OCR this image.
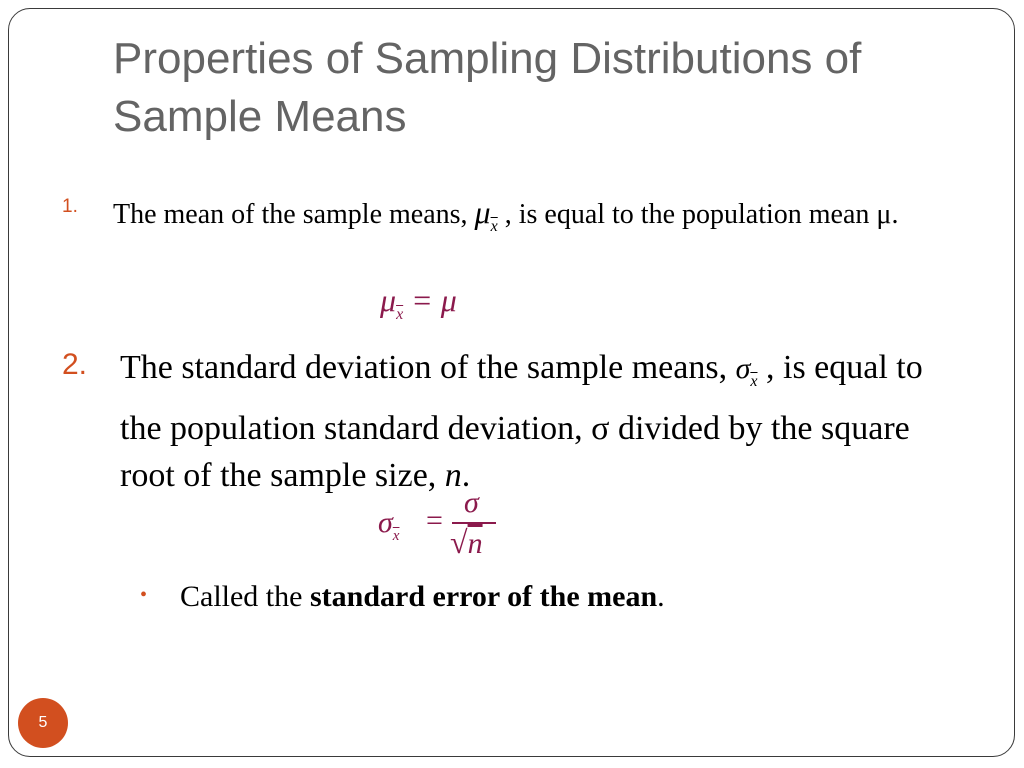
Properties of Sampling Distributions of
Sample Means
1. The mean of the sample means, $\mu_{\overline{x}}$ , is equal to the population mean μ.
$\mu_{\overline{x}} = \mu$
2. The standard deviation of the sample means, $\sigma_{\overline{x}}$ , is equal to the population standard deviation, σ divided by the square root of the sample size, n.
$\sigma_{\overline{x}}$ =
σ
√n
• Called the standard error of the mean.
5
